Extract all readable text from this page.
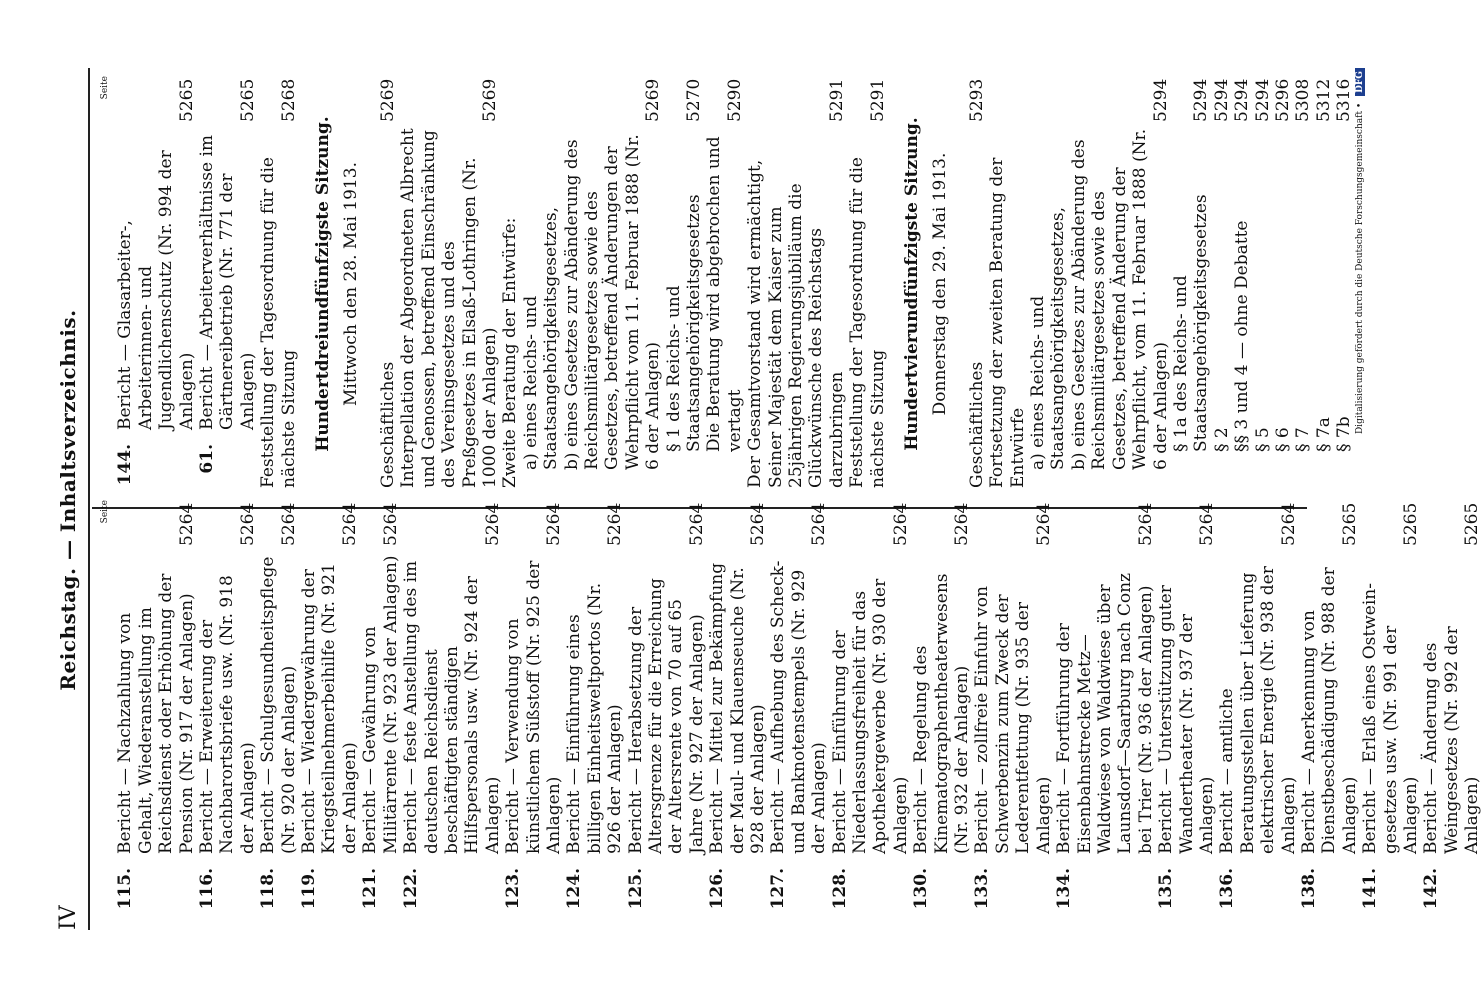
IV
Reichstag. — Inhaltsverzeichnis.	Seite
115.
Bericht — Nachzahlung von Gehalt, Wiederanstellung im Reichsdienst oder Erhöhung der Pension (Nr. 917 der Anlagen)
5264
116.
Bericht — Erweiterung der Nachbarortsbriefe usw. (Nr. 918 der Anlagen)
5264
118.
Bericht — Schulgesundheitspflege (Nr. 920 der Anlagen)
5264
119.
Bericht — Wiedergewährung der Kriegsteilnehmerbeihilfe (Nr. 921 der Anlagen)
5264
121.
Bericht — Gewährung von Militärrente (Nr. 923 der Anlagen)
5264
122.
Bericht — feste Anstellung des im deutschen Reichsdienst beschäftigten ständigen Hilfspersonals usw. (Nr. 924 der Anlagen)
5264
123.
Bericht — Verwendung von künstlichem Süßstoff (Nr. 925 der Anlagen)
5264
124.
Bericht — Einführung eines billigen Einheitsweltportos (Nr. 926 der Anlagen)
5264
125.
Bericht — Herabsetzung der Altersgrenze für die Erreichung der Altersrente von 70 auf 65 Jahre (Nr. 927 der Anlagen)
5264
126.
Bericht — Mittel zur Bekämpfung der Maul- und Klauenseuche (Nr. 928 der Anlagen)
5264
127.
Bericht — Aufhebung des Scheck- und Banknotenstempels (Nr. 929 der Anlagen)
5264
128.
Bericht — Einführung der Niederlassungsfreiheit für das Apothekergewerbe (Nr. 930 der Anlagen)
5264
130.
Bericht — Regelung des Kinematographentheaterwesens (Nr. 932 der Anlagen)
5264
133.
Bericht — zollfreie Einfuhr von Schwerbenzin zum Zweck der Lederentfettung (Nr. 935 der Anlagen)
5264
134.
Bericht — Fortführung der Eisenbahnstrecke Metz—Waldwiese von Waldwiese über Launsdorf—Saarburg nach Conz bei Trier (Nr. 936 der Anlagen)
5264
135.
Bericht — Unterstützung guter Wandertheater (Nr. 937 der Anlagen)
5264
136.
Bericht — amtliche Beratungsstellen über Lieferung elektrischer Energie (Nr. 938 der Anlagen)
5264
138.
Bericht — Anerkennung von Dienstbeschädigung (Nr. 988 der Anlagen)
5265
141.
Bericht — Erlaß eines Ostwein-gesetzes usw. (Nr. 991 der Anlagen)
5265
142.
Bericht — Änderung des Weingesetzes (Nr. 992 der Anlagen)
5265
Seite
144.
Bericht — Glasarbeiter-, Arbeiterinnen- und Jugendlichenschutz (Nr. 994 der Anlagen)
5265
61.
Bericht — Arbeiterverhältnisse im Gärtnereibetrieb (Nr. 771 der Anlagen)
5265
Feststellung der Tagesordnung für die nächste Sitzung
5268
Hundertdreiundfünfzigste Sitzung. Mittwoch den 28. Mai 1913.
Geschäftliches
5269
Interpellation der Abgeordneten Albrecht und Genossen, betreffend Einschränkung des Vereinsgesetzes und des Preßgesetzes in Elsaß-Lothringen (Nr. 1000 der Anlagen)
5269
Zweite Beratung der Entwürfe: a) eines Reichs- und Staatsangehörigkeitsgesetzes, b) eines Gesetzes zur Abänderung des Reichsmilitärgesetzes sowie des Gesetzes, betreffend Änderungen der Wehrpflicht vom 11. Februar 1888 (Nr. 6 der Anlagen)
5269
§ 1 des Reichs- und Staatsangehörigkeitsgesetzes
5270
Die Beratung wird abgebrochen und vertagt
5290
Der Gesamtvorstand wird ermächtigt, Seiner Majestät dem Kaiser zum 25jährigen Regierungsjubiläum die Glückwünsche des Reichstags darzubringen
5291
Feststellung der Tagesordnung für die nächste Sitzung
5291
Hundertvierundfünfzigste Sitzung. Donnerstag den 29. Mai 1913.
Geschäftliches
5293
Fortsetzung der zweiten Beratung der Entwürfe a) eines Reichs- und Staatsangehörigkeitsgesetzes, b) eines Gesetzes zur Abänderung des Reichsmilitärgesetzes sowie des Gesetzes, betreffend Änderung der Wehrpflicht, vom 11. Februar 1888 (Nr. 6 der Anlagen)
5294
§ 1a des Reichs- und Staatsangehörigkeitsgesetzes
5294
§ 2
5294
§§ 3 und 4 — ohne Debatte
5294
§ 5
5294
§ 6
5296
§ 7
5308
§ 7a
5312
§ 7b
5316
Digitalisierung gefördert durch die Deutsche Forschungsgemeinschaft • DFG
